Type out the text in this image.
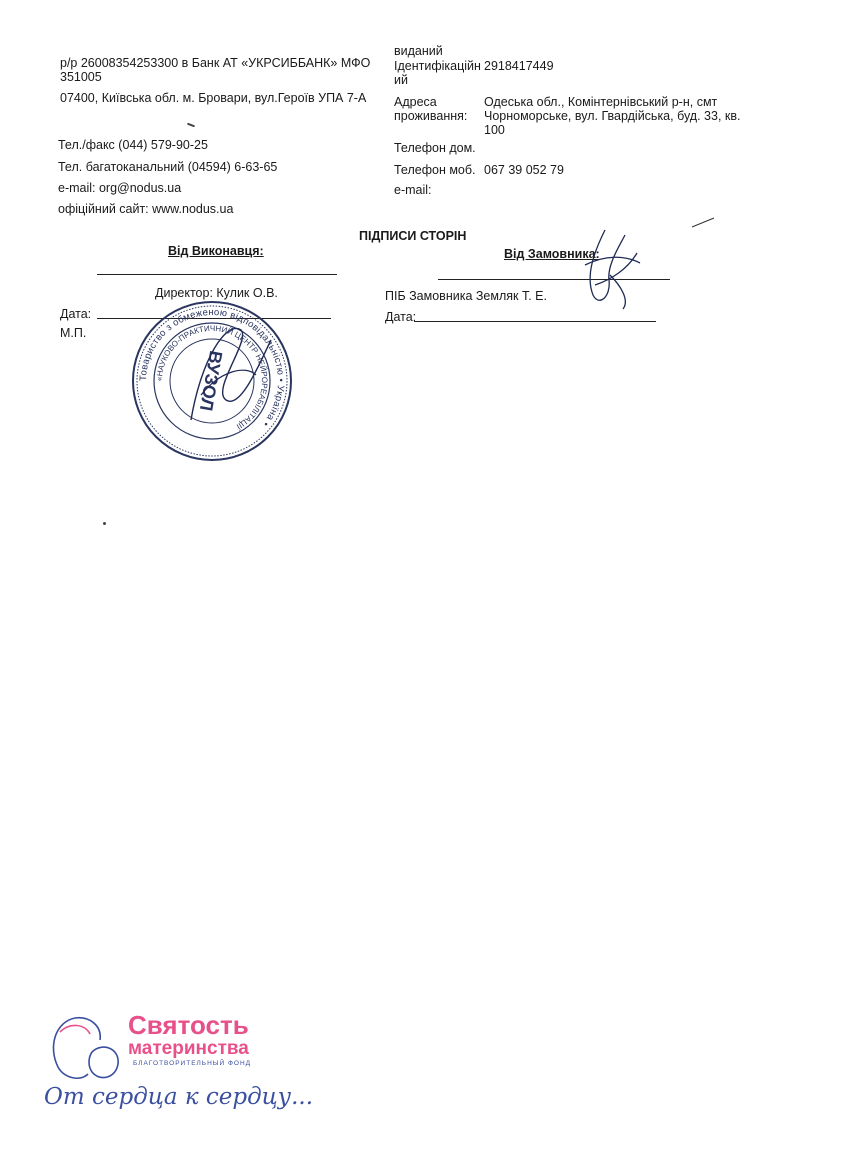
р/р 26008354253300 в Банк АТ «УКРСИББАНК» МФО
351005
07400, Київська обл. м. Бровари, вул.Героїв УПА 7-А
Тел./факс (044) 579-90-25
Тел. багатоканальний (04594) 6-63-65
e-mail: org@nodus.ua
офіційний сайт: www.nodus.ua
виданий
Ідентифікаційн
ий
2918417449
Адреса
проживання:
Одеська обл., Комінтернівський р-н, смт
Чорноморське, вул. Гвардійська, буд. 33, кв.
100
Телефон дом.
Телефон моб. 067 39 052 79
e-mail:
ПІДПИСИ СТОРІН
Від Виконавця:	Від Замовника:
Директор: Кулик О.В.
Дата:
М.П.
ПІБ Замовника Земляк Т. Е.
Дата:
Товариство з обмеженою відповідальністю • Україна •
«НАУКОВО-ПРАКТИЧНИЙ ЦЕНТР НЕЙРОРЕАБІЛІТАЦІЇ
ВУЗОЛ
Святость
материнства
БЛАГОТВОРИТЕЛЬНЫЙ ФОНД
От сердца к сердцу...
